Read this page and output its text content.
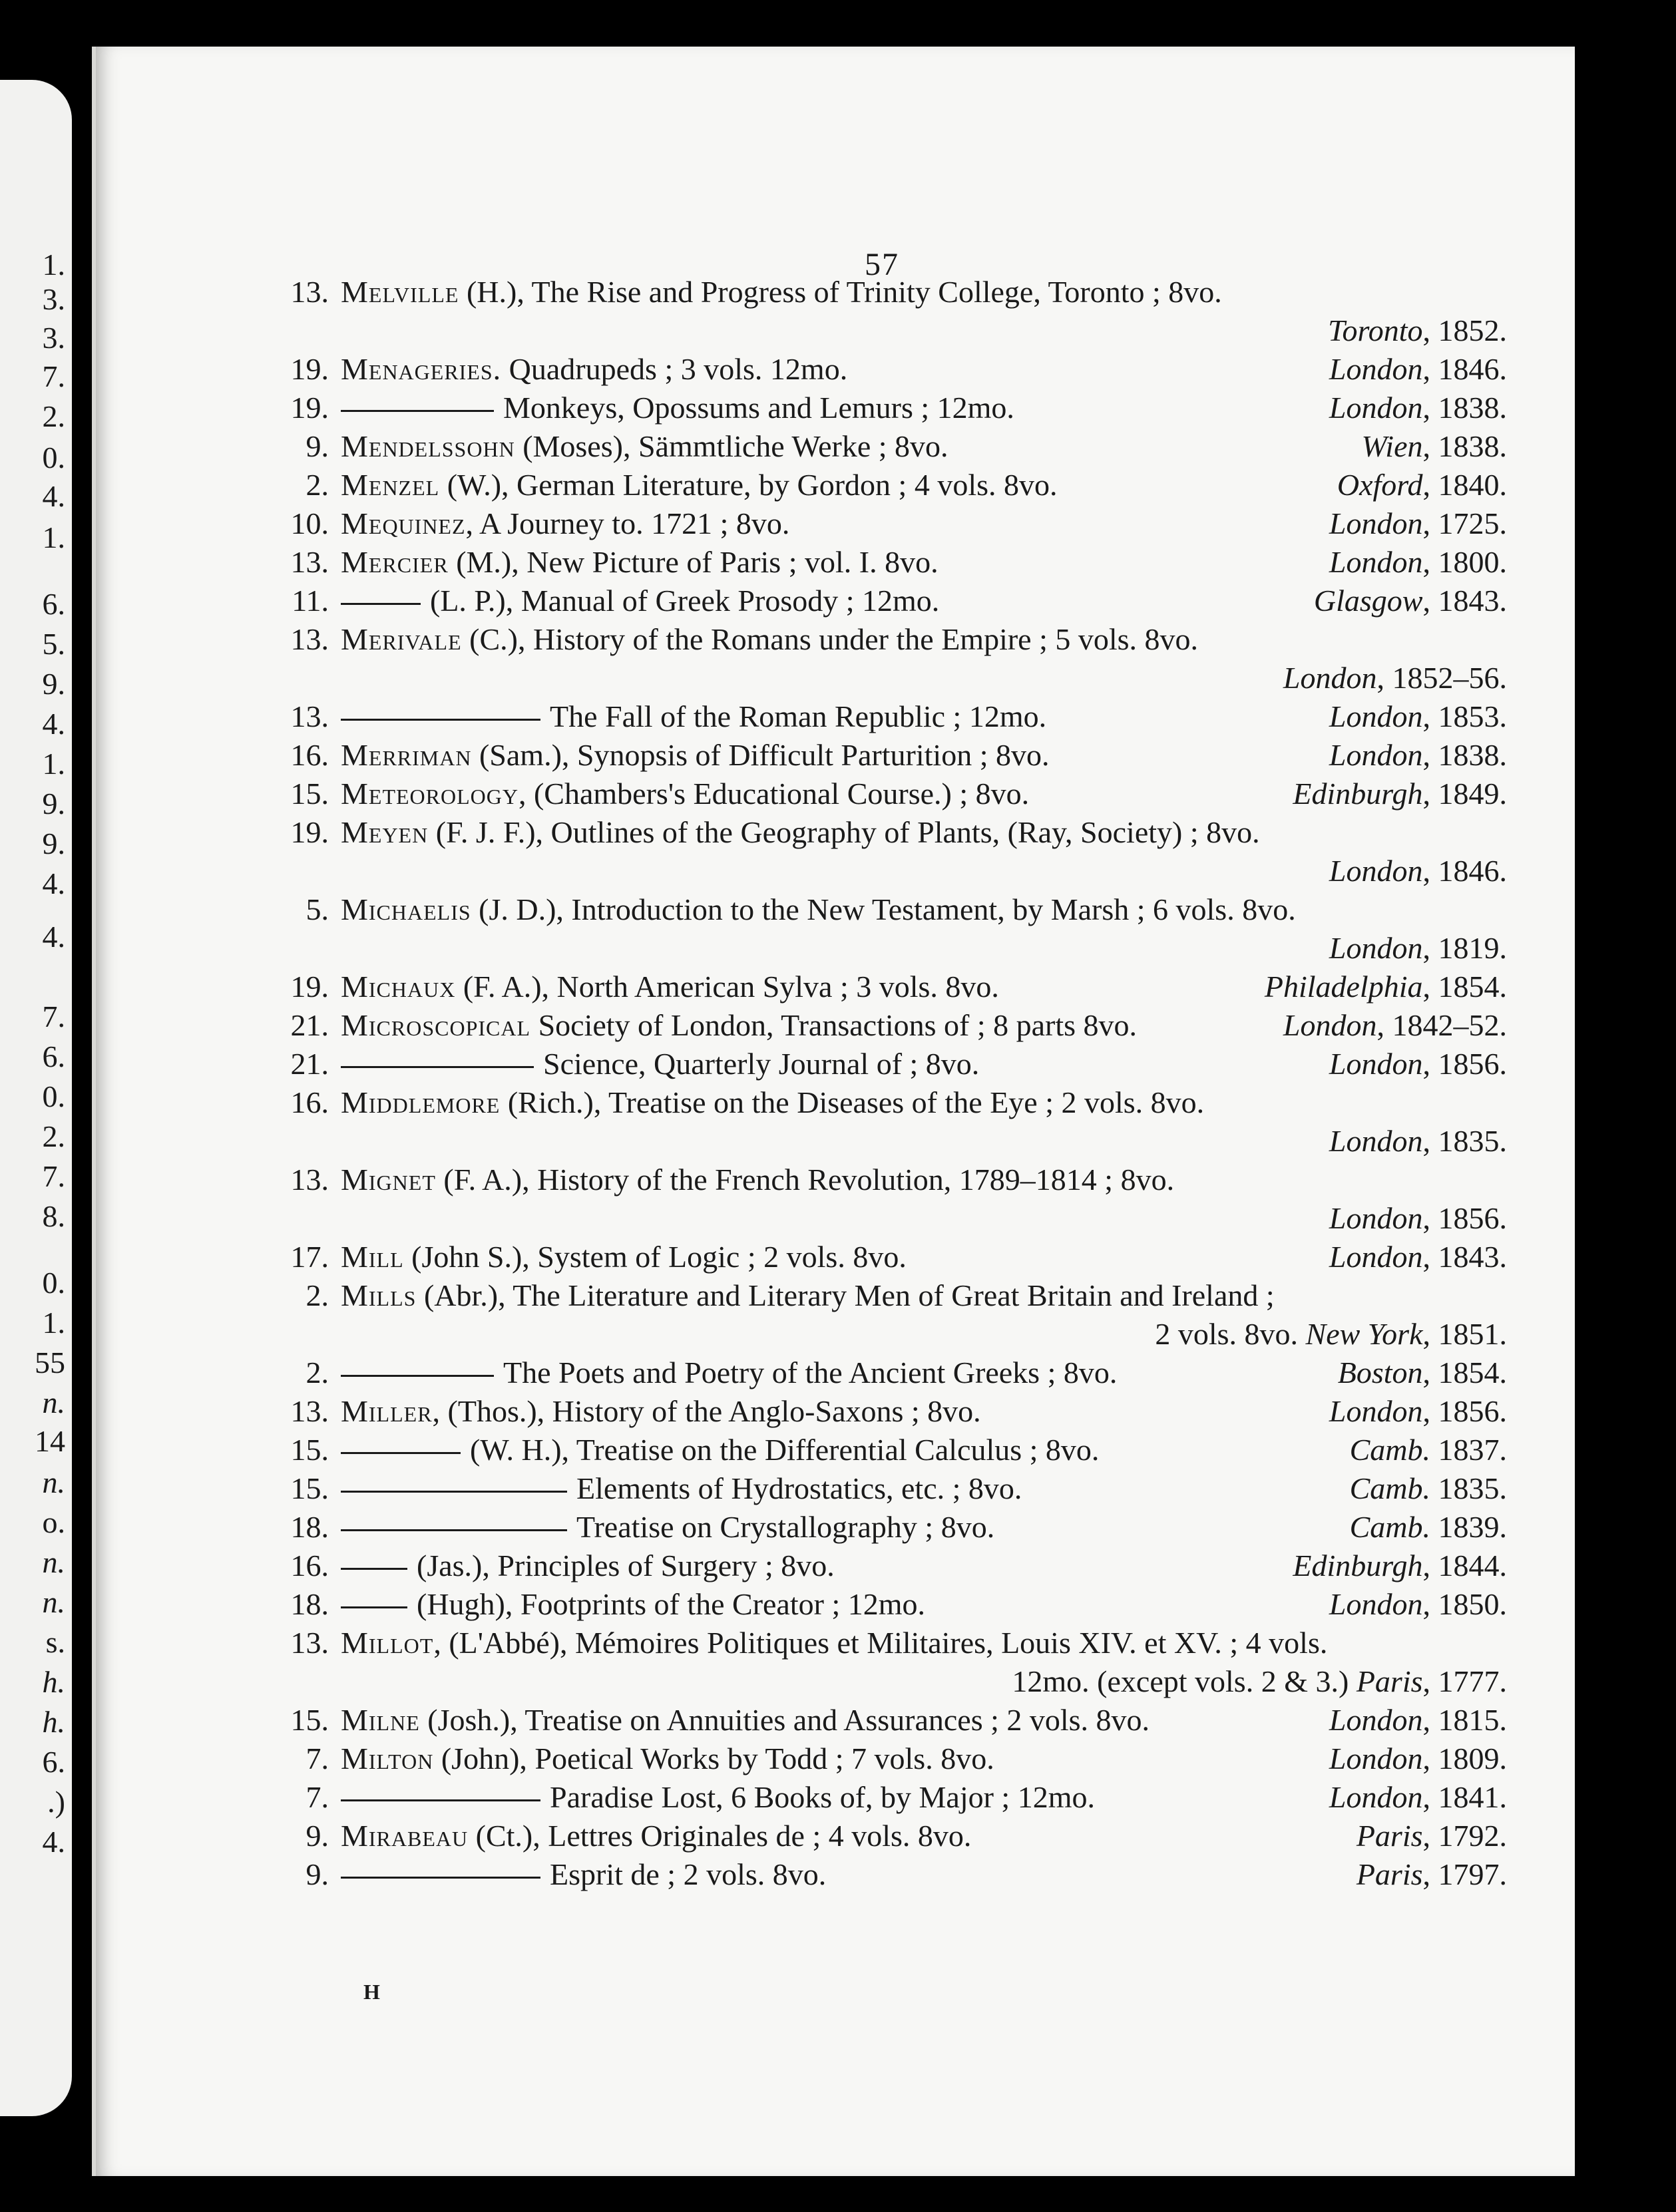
1.
3.
3.
7.
2.
0.
4.
1.
6.
5.
9.
4.
1.
9.
9.
4.
4.
7.
6.
0.
2.
7.
8.
0.
1.
55
n.
14
n.
o.
n.
n.
s.
h.
h.
6.
.)
4.
57
13. Melville (H.), The Rise and Progress of Trinity College, Toronto ; 8vo.
Toronto, 1852.
19. Menageries. Quadrupeds ; 3 vols. 12mo.	London, 1846.
19.	Monkeys, Opossums and Lemurs ; 12mo.	London, 1838.
9. Mendelssohn (Moses), Sämmtliche Werke ; 8vo.	Wien, 1838.
2. Menzel (W.), German Literature, by Gordon ; 4 vols. 8vo.	Oxford, 1840.
10. Mequinez, A Journey to. 1721 ; 8vo.	London, 1725.
13. Mercier (M.), New Picture of Paris ; vol. I. 8vo.	London, 1800.
11.	(L. P.), Manual of Greek Prosody ; 12mo.	Glasgow, 1843.
13. Merivale (C.), History of the Romans under the Empire ; 5 vols. 8vo.
London, 1852–56.
13.	The Fall of the Roman Republic ; 12mo.	London, 1853.
16. Merriman (Sam.), Synopsis of Difficult Parturition ; 8vo.	London, 1838.
15. Meteorology, (Chambers's Educational Course.) ; 8vo.	Edinburgh, 1849.
19. Meyen (F. J. F.), Outlines of the Geography of Plants, (Ray, Society) ; 8vo.
London, 1846.
5. Michaelis (J. D.), Introduction to the New Testament, by Marsh ; 6 vols. 8vo.
London, 1819.
19. Michaux (F. A.), North American Sylva ; 3 vols. 8vo.	Philadelphia, 1854.
21. Microscopical Society of London, Transactions of ; 8 parts 8vo.	London, 1842–52.
21.	Science, Quarterly Journal of ; 8vo.	London, 1856.
16. Middlemore (Rich.), Treatise on the Diseases of the Eye ; 2 vols. 8vo.
London, 1835.
13. Mignet (F. A.), History of the French Revolution, 1789–1814 ; 8vo.
London, 1856.
17. Mill (John S.), System of Logic ; 2 vols. 8vo.	London, 1843.
2. Mills (Abr.), The Literature and Literary Men of Great Britain and Ireland ;
2 vols. 8vo. New York, 1851.
2.	The Poets and Poetry of the Ancient Greeks ; 8vo.	Boston, 1854.
13. Miller, (Thos.), History of the Anglo-Saxons ; 8vo.	London, 1856.
15.	(W. H.), Treatise on the Differential Calculus ; 8vo.	Camb. 1837.
15.	Elements of Hydrostatics, etc. ; 8vo.	Camb. 1835.
18.	Treatise on Crystallography ; 8vo.	Camb. 1839.
16.	(Jas.), Principles of Surgery ; 8vo.	Edinburgh, 1844.
18.	(Hugh), Footprints of the Creator ; 12mo.	London, 1850.
13. Millot, (L'Abbé), Mémoires Politiques et Militaires, Louis XIV. et XV. ; 4 vols.
12mo. (except vols. 2 & 3.) Paris, 1777.
15. Milne (Josh.), Treatise on Annuities and Assurances ; 2 vols. 8vo.	London, 1815.
7. Milton (John), Poetical Works by Todd ; 7 vols. 8vo.	London, 1809.
7.	Paradise Lost, 6 Books of, by Major ; 12mo.	London, 1841.
9. Mirabeau (Ct.), Lettres Originales de ; 4 vols. 8vo.	Paris, 1792.
9.	Esprit de ; 2 vols. 8vo.	Paris, 1797.
H
